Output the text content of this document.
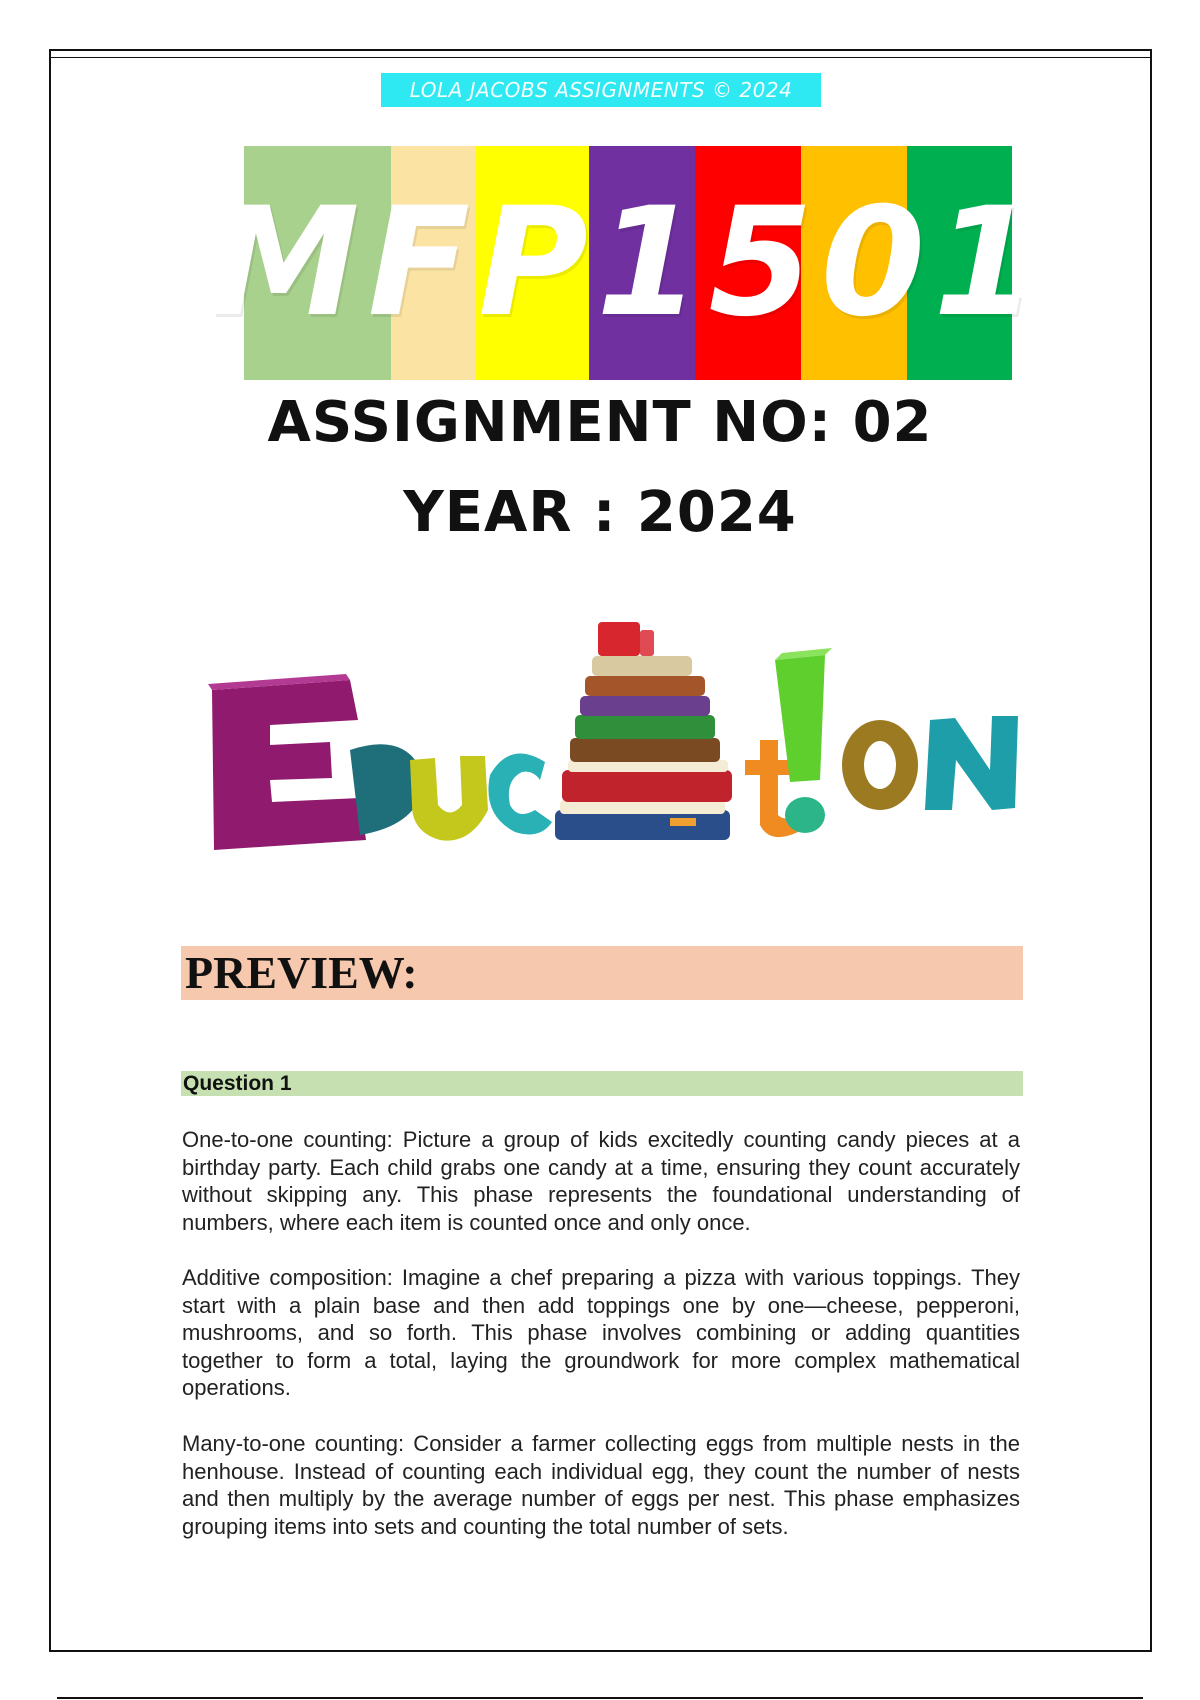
LOLA JACOBS ASSIGNMENTS © 2024
MFP1501
ASSIGNMENT NO: 02
YEAR : 2024
PREVIEW:
Question 1

One-to-one counting: Picture a group of kids excitedly counting candy pieces at a birthday party. Each child grabs one candy at a time, ensuring they count accurately without skipping any. This phase represents the foundational understanding of numbers, where each item is counted once and only once.

Additive composition: Imagine a chef preparing a pizza with various toppings. They start with a plain base and then add toppings one by one—cheese, pepperoni, mushrooms, and so forth. This phase involves combining or adding quantities together to form a total, laying the groundwork for more complex mathematical operations.

Many-to-one counting: Consider a farmer collecting eggs from multiple nests in the henhouse. Instead of counting each individual egg, they count the number of nests and then multiply by the average number of eggs per nest. This phase emphasizes grouping items into sets and counting the total number of sets.
